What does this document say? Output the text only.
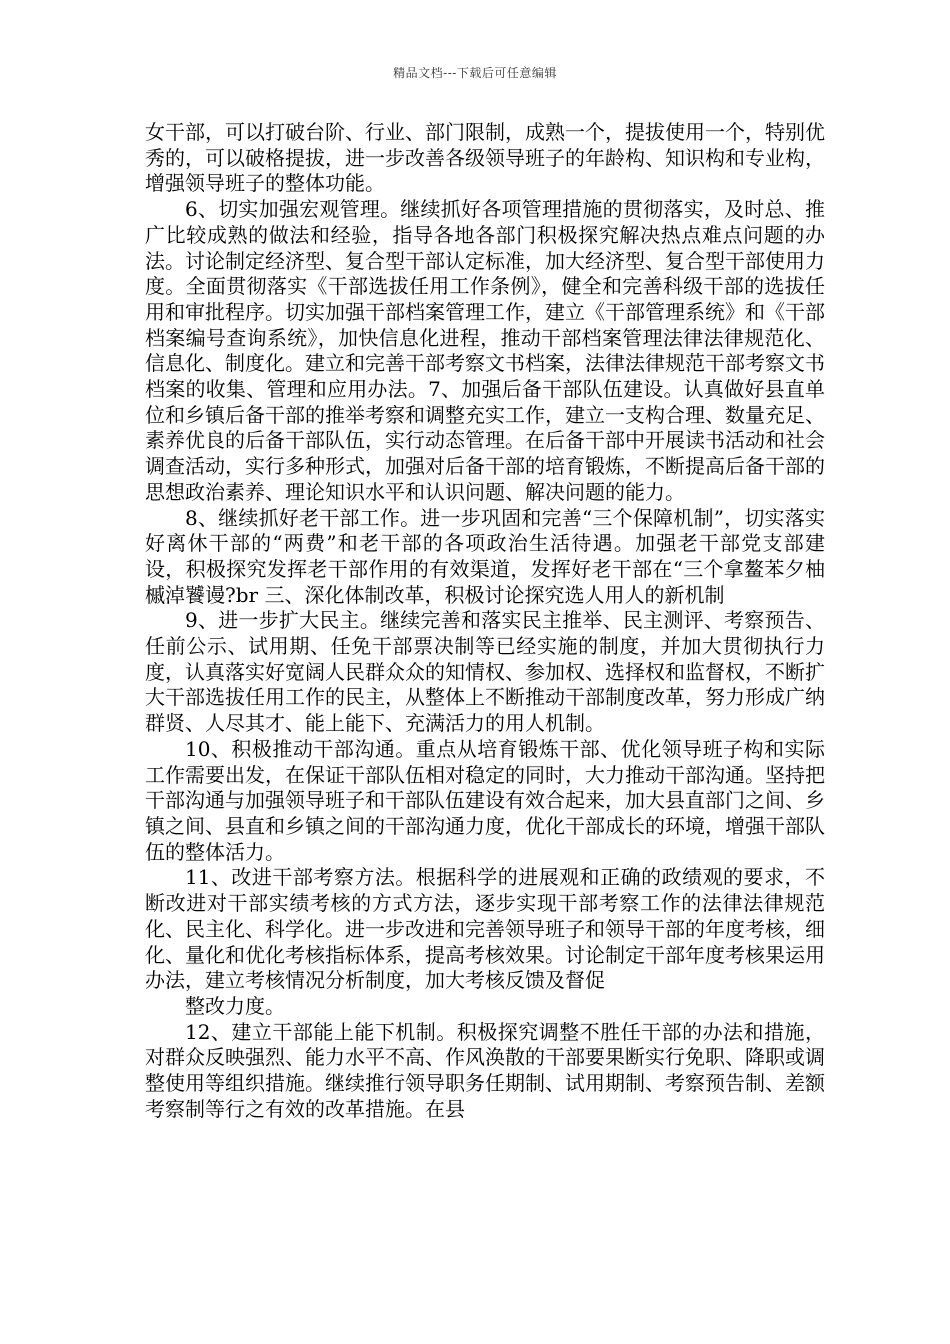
精品文档---下载后可任意编辑

女干部，可以打破台阶、行业、部门限制，成熟一个，提拔使用一个，特别优秀的，可以破格提拔，进一步改善各级领导班子的年龄构、知识构和专业构，增强领导班子的整体功能。

6、切实加强宏观管理。继续抓好各项管理措施的贯彻落实，及时总、推广比较成熟的做法和经验，指导各地各部门积极探究解决热点难点问题的办法。讨论制定经济型、复合型干部认定标准，加大经济型、复合型干部使用力度。全面贯彻落实《干部选拔任用工作条例》，健全和完善科级干部的选拔任用和审批程序。切实加强干部档案管理工作，建立《干部管理系统》和《干部档案编号查询系统》，加快信息化进程，推动干部档案管理法律法律规范化、信息化、制度化。建立和完善干部考察文书档案，法律法律规范干部考察文书档案的收集、管理和应用办法。7、加强后备干部队伍建设。认真做好县直单位和乡镇后备干部的推举考察和调整充实工作，建立一支构合理、数量充足、素养优良的后备干部队伍，实行动态管理。在后备干部中开展读书活动和社会调查活动，实行多种形式，加强对后备干部的培育锻炼，不断提高后备干部的思想政治素养、理论知识水平和认识问题、解决问题的能力。

8、继续抓好老干部工作。进一步巩固和完善“三个保障机制”，切实落实好离休干部的“两费”和老干部的各项政治生活待遇。加强老干部党支部建设，积极探究发挥老干部作用的有效渠道，发挥好老干部在“三个拿鳌苯夕柚槭淖饕谩?br 三、深化体制改革，积极讨论探究选人用人的新机制

9、进一步扩大民主。继续完善和落实民主推举、民主测评、考察预告、任前公示、试用期、任免干部票决制等已经实施的制度，并加大贯彻执行力度，认真落实好宽阔人民群众众的知情权、参加权、选择权和监督权，不断扩大干部选拔任用工作的民主，从整体上不断推动干部制度改革，努力形成广纳群贤、人尽其才、能上能下、充满活力的用人机制。

10、积极推动干部沟通。重点从培育锻炼干部、优化领导班子构和实际工作需要出发，在保证干部队伍相对稳定的同时，大力推动干部沟通。坚持把干部沟通与加强领导班子和干部队伍建设有效合起来，加大县直部门之间、乡镇之间、县直和乡镇之间的干部沟通力度，优化干部成长的环境，增强干部队伍的整体活力。

11、改进干部考察方法。根据科学的进展观和正确的政绩观的要求，不断改进对干部实绩考核的方式方法，逐步实现干部考察工作的法律法律规范化、民主化、科学化。进一步改进和完善领导班子和领导干部的年度考核，细化、量化和优化考核指标体系，提高考核效果。讨论制定干部年度考核果运用办法，建立考核情况分析制度，加大考核反馈及督促

整改力度。

12、建立干部能上能下机制。积极探究调整不胜任干部的办法和措施，对群众反映强烈、能力水平不高、作风涣散的干部要果断实行免职、降职或调整使用等组织措施。继续推行领导职务任期制、试用期制、考察预告制、差额考察制等行之有效的改革措施。在县
